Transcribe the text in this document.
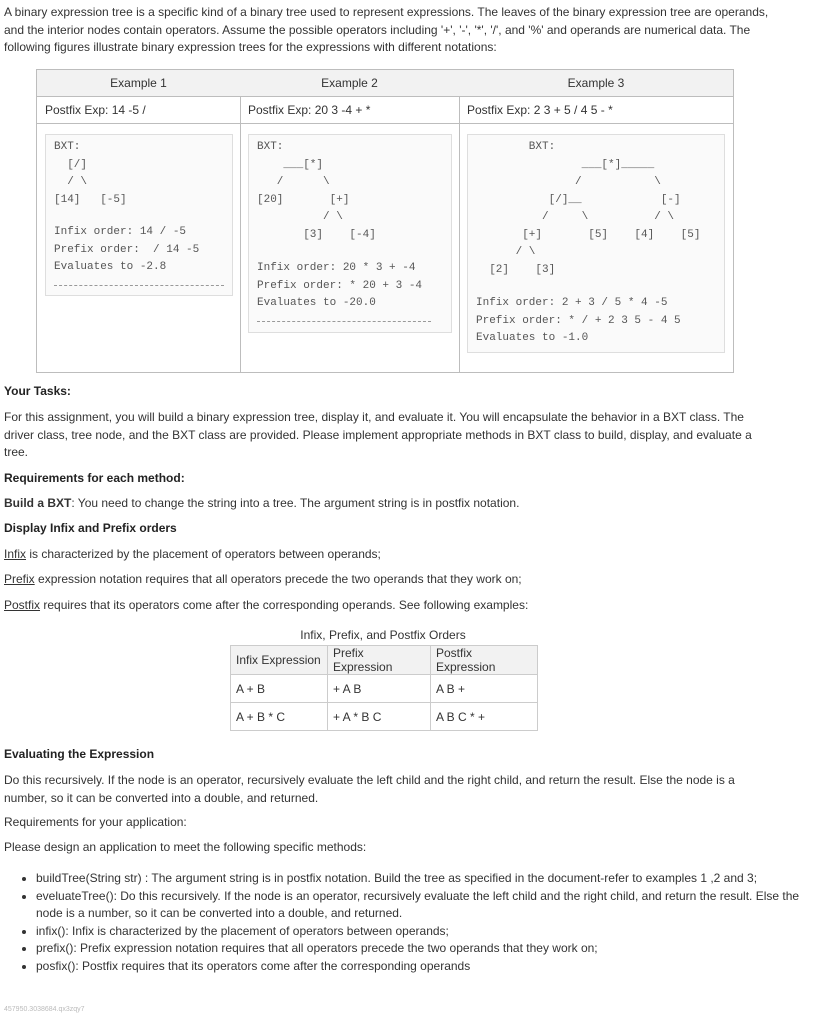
A binary expression tree is a specific kind of a binary tree used to represent expressions. The leaves of the binary expression tree are operands, and the interior nodes contain operators. Assume the possible operators including '+', '-', '*', '/', and '%' and operands are numerical data. The following figures illustrate binary expression trees for the expressions with different notations:

Example 1
Postfix Exp: 14 -5 /
BXT:
[/]
/ \
[14]   [-5]
Infix order: 14 / -5
Prefix order:  / 14 -5
Evaluates to -2.8
Example 2
Postfix Exp: 20 3 -4 + *
BXT:
___[*]
/      \
[20]       [+]
/ \
[3]    [-4]
Infix order: 20 * 3 + -4
Prefix order: * 20 + 3 -4
Evaluates to -20.0
Example 3
Postfix Exp: 2 3 + 5 / 4 5 - *
BXT:
___[*]_____
/           \
[/]__            [-]
/     \          / \
[+]       [5]    [4]    [5]
/ \
[2]    [3]
Infix order: 2 + 3 / 5 * 4 -5
Prefix order: * / + 2 3 5 - 4 5
Evaluates to -1.0
Your Tasks:

For this assignment, you will build a binary expression tree, display it, and evaluate it. You will encapsulate the behavior in a BXT class. The driver class, tree node, and the BXT class are provided. Please implement appropriate methods in BXT class to build, display, and evaluate a tree.

Requirements for each method:

Build a BXT: You need to change the string into a tree. The argument string is in postfix notation.

Display Infix and Prefix orders

Infix is characterized by the placement of operators between operands;

Prefix expression notation requires that all operators precede the two operands that they work on;

Postfix requires that its operators come after the corresponding operands. See following examples:

Infix, Prefix, and Postfix Orders
Infix Expression	Prefix Expression	Postfix Expression
A + B	+ A B	A B +
A + B * C	+ A * B C	A B C * +
Evaluating the Expression

Do this recursively. If the node is an operator, recursively evaluate the left child and the right child, and return the result. Else the node is a number, so it can be converted into a double, and returned.

Requirements for your application:

Please design an application to meet the following specific methods:

• buildTree(String str) : The argument string is in postfix notation. Build the tree as specified in the document-refer to examples 1 ,2 and 3;
• eveluateTree(): Do this recursively. If the node is an operator, recursively evaluate the left child and the right child, and return the result. Else the node is a number, so it can be converted into a double, and returned.
• infix(): Infix is characterized by the placement of operators between operands;
• prefix(): Prefix expression notation requires that all operators precede the two operands that they work on;
• posfix(): Postfix requires that its operators come after the corresponding operands
457950.3038684.qx3zqy7
